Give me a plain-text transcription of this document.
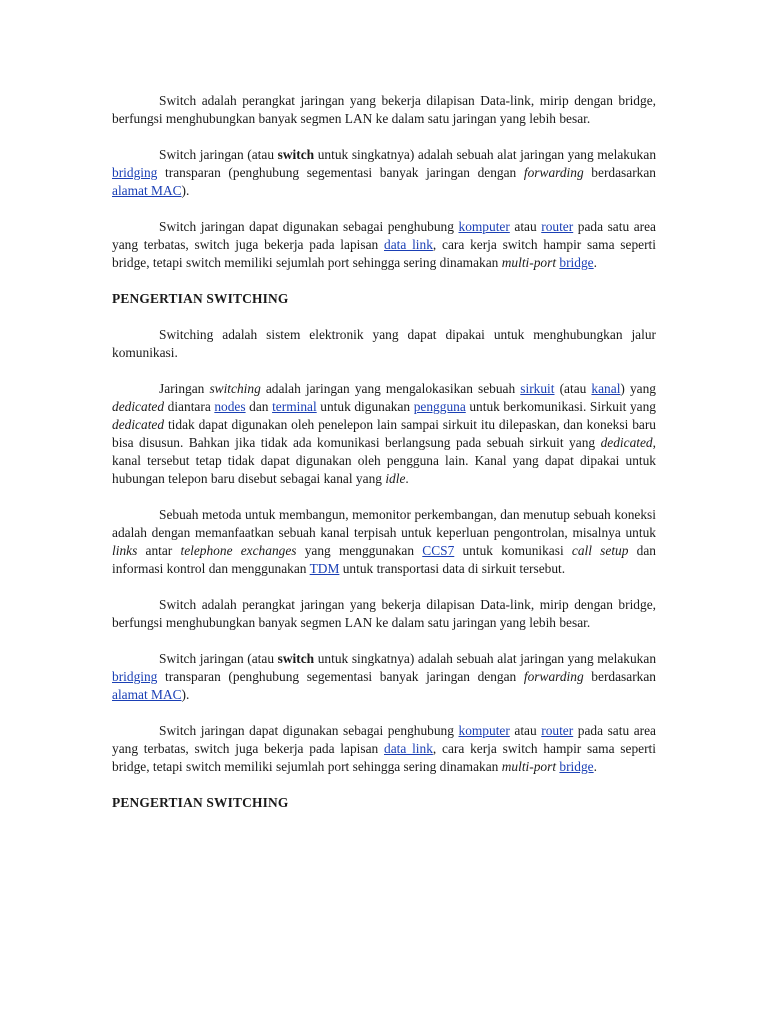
Switch adalah perangkat jaringan yang bekerja dilapisan Data-link, mirip dengan bridge, berfungsi menghubungkan banyak segmen LAN ke dalam satu jaringan yang lebih besar.

Switch jaringan (atau switch untuk singkatnya) adalah sebuah alat jaringan yang melakukan bridging transparan (penghubung segementasi banyak jaringan dengan forwarding berdasarkan alamat MAC).

Switch jaringan dapat digunakan sebagai penghubung komputer atau router pada satu area yang terbatas, switch juga bekerja pada lapisan data link, cara kerja switch hampir sama seperti bridge, tetapi switch memiliki sejumlah port sehingga sering dinamakan multi-port bridge.

PENGERTIAN SWITCHING

Switching adalah sistem elektronik yang dapat dipakai untuk menghubungkan jalur komunikasi.

Jaringan switching adalah jaringan yang mengalokasikan sebuah sirkuit (atau kanal) yang dedicated diantara nodes dan terminal untuk digunakan pengguna untuk berkomunikasi. Sirkuit yang dedicated tidak dapat digunakan oleh penelepon lain sampai sirkuit itu dilepaskan, dan koneksi baru bisa disusun. Bahkan jika tidak ada komunikasi berlangsung pada sebuah sirkuit yang dedicated, kanal tersebut tetap tidak dapat digunakan oleh pengguna lain. Kanal yang dapat dipakai untuk hubungan telepon baru disebut sebagai kanal yang idle.

Sebuah metoda untuk membangun, memonitor perkembangan, dan menutup sebuah koneksi adalah dengan memanfaatkan sebuah kanal terpisah untuk keperluan pengontrolan, misalnya untuk links antar telephone exchanges yang menggunakan CCS7 untuk komunikasi call setup dan informasi kontrol dan menggunakan TDM untuk transportasi data di sirkuit tersebut.

Switch adalah perangkat jaringan yang bekerja dilapisan Data-link, mirip dengan bridge, berfungsi menghubungkan banyak segmen LAN ke dalam satu jaringan yang lebih besar.

Switch jaringan (atau switch untuk singkatnya) adalah sebuah alat jaringan yang melakukan bridging transparan (penghubung segementasi banyak jaringan dengan forwarding berdasarkan alamat MAC).

Switch jaringan dapat digunakan sebagai penghubung komputer atau router pada satu area yang terbatas, switch juga bekerja pada lapisan data link, cara kerja switch hampir sama seperti bridge, tetapi switch memiliki sejumlah port sehingga sering dinamakan multi-port bridge.

PENGERTIAN SWITCHING
